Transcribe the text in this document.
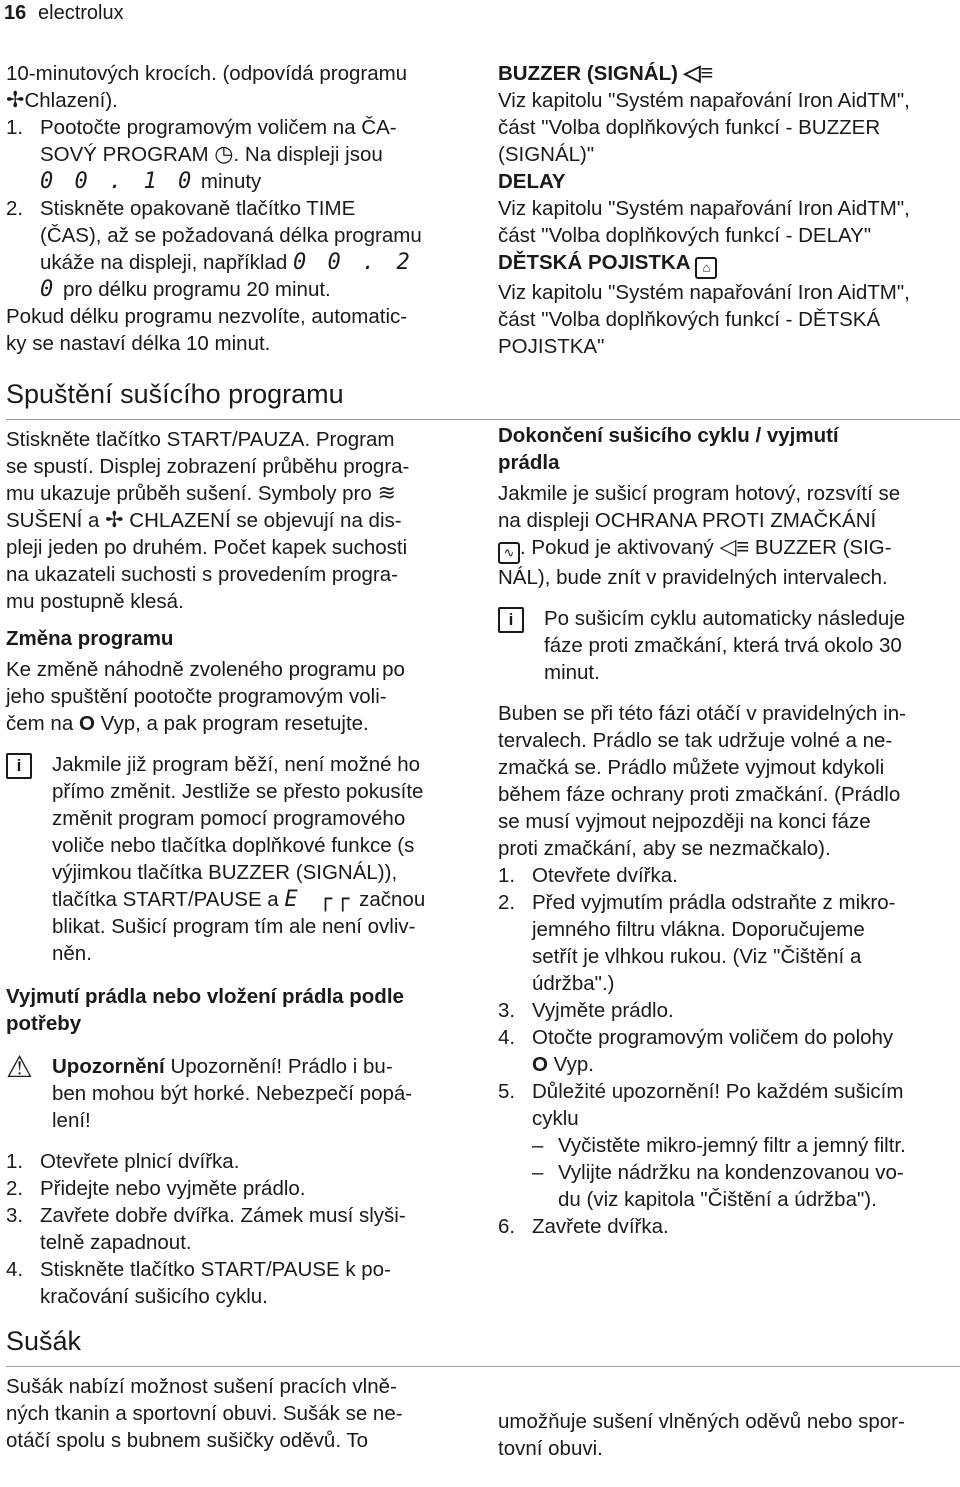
16 electrolux

10-minutových krocích. (odpovídá programu

✢Chlazení).

1. Pootočte programovým voličem na ČA-

SOVÝ PROGRAM ◷. Na displeji jsou

0 0 . 1 0 minuty

2. Stiskněte opakovaně tlačítko TIME

(ČAS), až se požadovaná délka programu

ukáže na displeji, například 0 0 . 2

0 pro délku programu 20 minut.

Pokud délku programu nezvolíte, automatic-

ky se nastaví délka 10 minut.

Spuštění sušícího programu

Stiskněte tlačítko START/PAUZA. Program

se spustí. Displej zobrazení průběhu progra-

mu ukazuje průběh sušení. Symboly pro ≋

SUŠENÍ a ✢ CHLAZENÍ se objevují na dis-

pleji jeden po druhém. Počet kapek suchosti

na ukazateli suchosti s provedením progra-

mu postupně klesá.

Změna programu

Ke změně náhodně zvoleného programu po

jeho spuštění pootočte programovým voli-

čem na O Vyp, a pak program resetujte.

i	Jakmile již program běží, není možné ho

přímo změnit. Jestliže se přesto pokusíte

změnit program pomocí programového

voliče nebo tlačítka doplňkové funkce (s

výjimkou tlačítka BUZZER (SIGNÁL)),

tlačítka START/PAUSE a E ┌┌ začnou

blikat. Sušicí program tím ale není ovliv-

něn.

Vyjmutí prádla nebo vložení prádla podle

potřeby

⚠ Upozornění Upozornění! Prádlo i bu-

ben mohou být horké. Nebezpečí popá-

lení!

1. Otevřete plnicí dvířka.

2. Přidejte nebo vyjměte prádlo.

3. Zavřete dobře dvířka. Zámek musí slyši-

telně zapadnout.

4. Stiskněte tlačítko START/PAUSE k po-

kračování sušicího cyklu.

Sušák

Sušák nabízí možnost sušení pracích vlně-

ných tkanin a sportovní obuvi. Sušák se ne-

otáčí spolu s bubnem sušičky oděvů. To

BUZZER (SIGNÁL) ◁≡

Viz kapitolu "Systém napařování Iron AidTM",

část "Volba doplňkových funkcí - BUZZER

(SIGNÁL)"

DELAY

Viz kapitolu "Systém napařování Iron AidTM",

část "Volba doplňkových funkcí - DELAY"

DĚTSKÁ POJISTKA ⌂

Viz kapitolu "Systém napařování Iron AidTM",

část "Volba doplňkových funkcí - DĚTSKÁ

POJISTKA"

Dokončení sušicího cyklu / vyjmutí

prádla

Jakmile je sušicí program hotový, rozsvítí se

na displeji OCHRANA PROTI ZMAČKÁNÍ

∿ . Pokud je aktivovaný ◁≡ BUZZER (SIG-

NÁL), bude znít v pravidelných intervalech.

i	Po sušicím cyklu automaticky následuje

fáze proti zmačkání, která trvá okolo 30

minut.

Buben se při této fázi otáčí v pravidelných in-

tervalech. Prádlo se tak udržuje volné a ne-

zmačká se. Prádlo můžete vyjmout kdykoli

během fáze ochrany proti zmačkání. (Prádlo

se musí vyjmout nejpozději na konci fáze

proti zmačkání, aby se nezmačkalo).

1. Otevřete dvířka.

2. Před vyjmutím prádla odstraňte z mikro-

jemného filtru vlákna. Doporučujeme

setřít je vlhkou rukou. (Viz "Čištění a

údržba".)

3. Vyjměte prádlo.

4. Otočte programovým voličem do polohy

O Vyp.

5. Důležité upozornění! Po každém sušicím

cyklu

– Vyčistěte mikro-jemný filtr a jemný filtr.

– Vylijte nádržku na kondenzovanou vo-

du (viz kapitola "Čištění a údržba").

6. Zavřete dvířka.

umožňuje sušení vlněných oděvů nebo spor-

tovní obuvi.
